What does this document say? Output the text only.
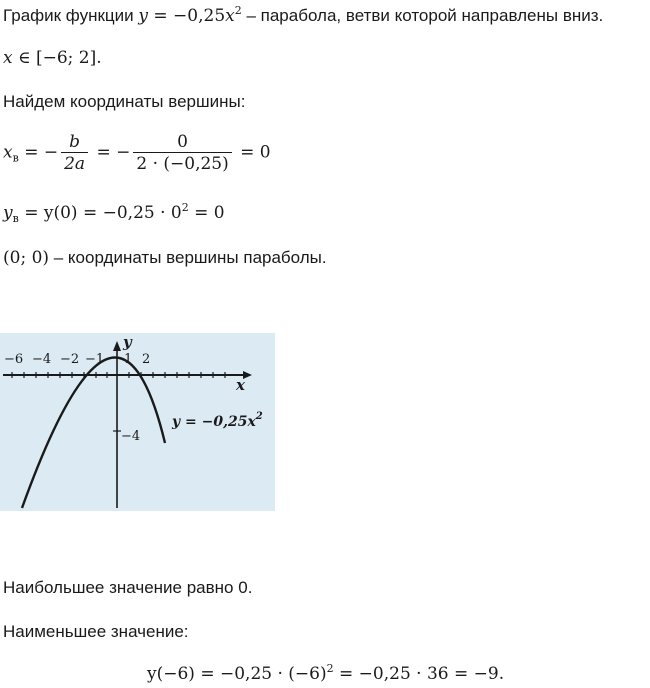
График функции $y = -0,25x^2$ – парабола, ветви которой направлены вниз.
x ∈ [−6; 2].
Найдем координаты вершины:
$x_в$ = − $\frac{b}{2a}$ = − $\frac{0}{2 \cdot (-0,25)} = 0$
$y_в = y(0) = -0,25 \cdot 0^2 = 0$
(0; 0) – координаты вершины параболы.
−6 −4 −2 −1 1 2
x
y
−4
$y = -0,25x^2$
Наибольшее значение равно 0.
Наименьшее значение:
$y(-6) = -0,25 \cdot (-6)^2 = -0,25 \cdot 36 = -9$.
